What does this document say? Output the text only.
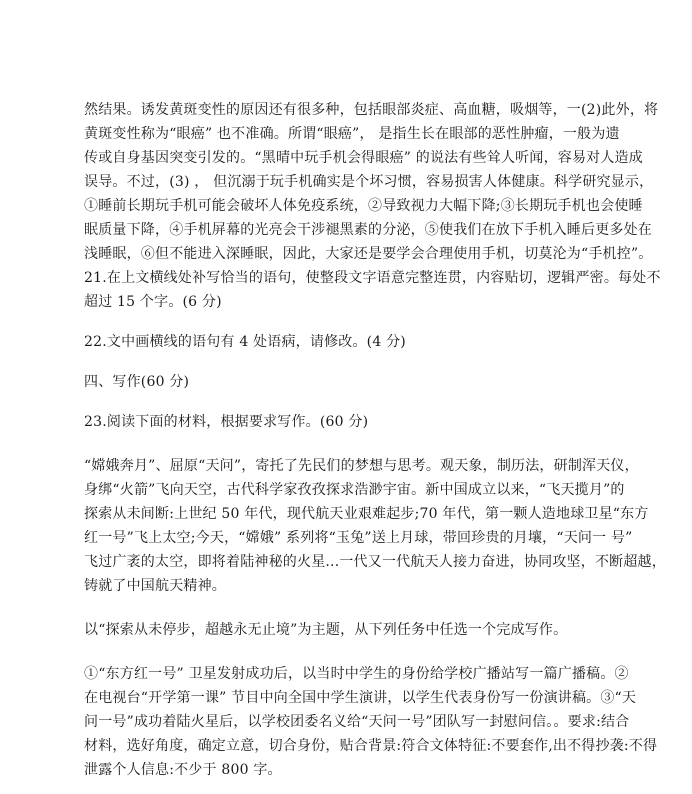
然结果。诱发黄斑变性的原因还有很多种，包括眼部炎症、高血糖，吸烟等，一(2)此外，将
黄斑变性称为“眼癌” 也不准确。所谓“眼癌”， 是指生长在眼部的恶性肿瘤，一般为遗
传或自身基因突变引发的。“黑晴中玩手机会得眼癌” 的说法有些耸人听闻，容易对人造成
误导。不过，(3) ， 但沉溺于玩手机确实是个坏习惯，容易损害人体健康。科学研究显示，
①睡前长期玩手机可能会破坏人体免疫系统，②导致视力大幅下降;③长期玩手机也会使睡
眠质量下降，④手机屏幕的光亮会干涉褪黑素的分泌，⑤使我们在放下手机入睡后更多处在
浅睡眠，⑥但不能进入深睡眠，因此，大家还是要学会合理使用手机，切莫沦为“手机控”。
21.在上文横线处补写恰当的语句，使整段文字语意完整连贯，内容贴切，逻辑严密。每处不
超过 15 个字。(6 分)
22.文中画横线的语句有 4 处语病，请修改。(4 分)
四、写作(60 分)
23.阅读下面的材料，根据要求写作。(60 分)
“嫦娥奔月”、屈原“天问”，寄托了先民们的梦想与思考。观天象，制历法，研制浑天仪，
身绑“火箭”飞向天空，古代科学家孜孜探求浩渺宇宙。新中国成立以来，“飞天揽月”的
探索从未间断:上世纪 50 年代，现代航天业艰难起步;70 年代，第一颗人造地球卫星“东方
红一号”飞上太空;今天，“嫦娥” 系列将“玉兔”送上月球，带回珍贵的月壤，“天问一 号”
飞过广袤的太空，即将着陆神秘的火星...一代又一代航天人接力奋进，协同攻坚，不断超越，
铸就了中国航天精神。
以“探索从未停步，超越永无止境”为主题，从下列任务中任选一个完成写作。
①“东方红一号” 卫星发射成功后，以当时中学生的身份给学校广播站写一篇广播稿。②
在电视台“开学第一课” 节目中向全国中学生演讲，以学生代表身份写一份演讲稿。③“天
问一号”成功着陆火星后，以学校团委名义给“天问一号”团队写一封慰问信。。要求:结合
材料，选好角度，确定立意，切合身份，贴合背景:符合文体特征:不要套作,出不得抄袭:不得
泄露个人信息:不少于 800 字。
